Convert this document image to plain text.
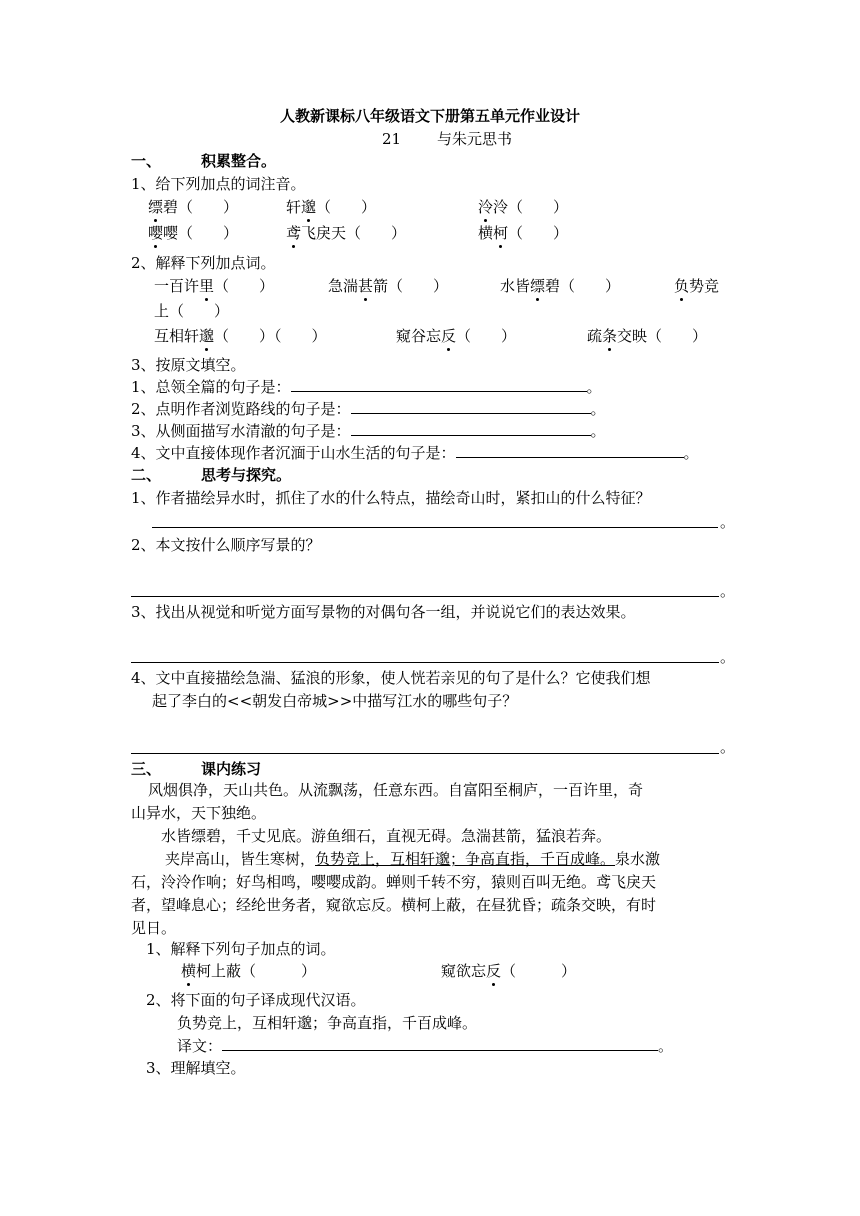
人教新课标八年级语文下册第五单元作业设计
21 与朱元思书
一、	积累整合。
1、给下列加点的词注音。
缥碧（　　）	轩邈（　　）	泠泠（　　）
嘤嘤（　　）	鸢飞戾天（　　）	横柯（　　）
2、解释下列加点词。
一百许里（　　）	急湍甚箭（　　）	水皆缥碧（　　）	负势竞
上（　　）
互相轩邈（　　）（　　）	窥谷忘反（　　）	疏条交映（　　）
3、按原文填空。
1、总领全篇的句子是：	。
2、点明作者浏览路线的句子是：	。
3、从侧面描写水清澈的句子是：	。
4、文中直接体现作者沉湎于山水生活的句子是：	。
二、	思考与探究。
1、作者描绘异水时，抓住了水的什么特点，描绘奇山时，紧扣山的什么特征？
。
2、本文按什么顺序写景的？
。
3、找出从视觉和听觉方面写景物的对偶句各一组，并说说它们的表达效果。
。
4、文中直接描绘急湍、猛浪的形象，使人恍若亲见的句了是什么？它使我们想
起了李白的<<朝发白帝城>>中描写江水的哪些句子？
。
三、	课内练习
风烟俱净，天山共色。从流飘荡，任意东西。自富阳至桐庐，一百许里，奇
山异水，天下独绝。
水皆缥碧，千丈见底。游鱼细石，直视无碍。急湍甚箭，猛浪若奔。
夹岸高山，皆生寒树，负势竞上，互相轩邈；争高直指，千百成峰。泉水激
石，泠泠作响；好鸟相鸣，嘤嘤成韵。蝉则千转不穷，猿则百叫无绝。鸢飞戾天
者，望峰息心；经纶世务者，窥欲忘反。横柯上蔽，在昼犹昏；疏条交映，有时
见日。
1、解释下列句子加点的词。
横柯上蔽（　　　）	窥欲忘反（　　　）
2、将下面的句子译成现代汉语。
负势竞上，互相轩邈；争高直指，千百成峰。
译文：	。
3、理解填空。
